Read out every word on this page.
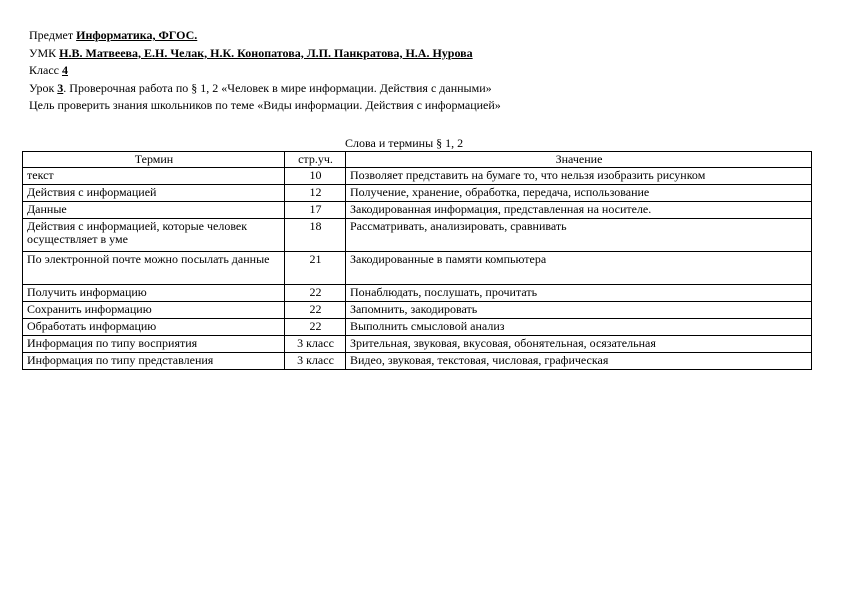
Предмет Информатика, ФГОС.
УМК Н.В. Матвеева, Е.Н. Челак, Н.К. Конопатова, Л.П. Панкратова, Н.А. Нурова
Класс 4
Урок 3. Проверочная работа по § 1, 2 «Человек в мире информации. Действия с данными»
Цель проверить знания школьников по теме «Виды информации. Действия с информацией»
Слова и термины § 1, 2
Термин	стр.уч.	Значение
текст	10	Позволяет представить на бумаге то, что нельзя изобразить рисунком
Действия с информацией	12	Получение, хранение, обработка, передача, использование
Данные	17	Закодированная информация, представленная на носителе.
Действия с информацией, которые человек осуществляет в уме	18	Рассматривать, анализировать, сравнивать
По электронной почте можно посылать данные	21	Закодированные в памяти компьютера
Получить информацию	22	Понаблюдать, послушать, прочитать
Сохранить информацию	22	Запомнить, закодировать
Обработать информацию	22	Выполнить смысловой анализ
Информация по типу восприятия	3 класс	Зрительная, звуковая, вкусовая, обонятельная, осязательная
Информация по типу представления	3 класс	Видео, звуковая, текстовая, числовая, графическая
